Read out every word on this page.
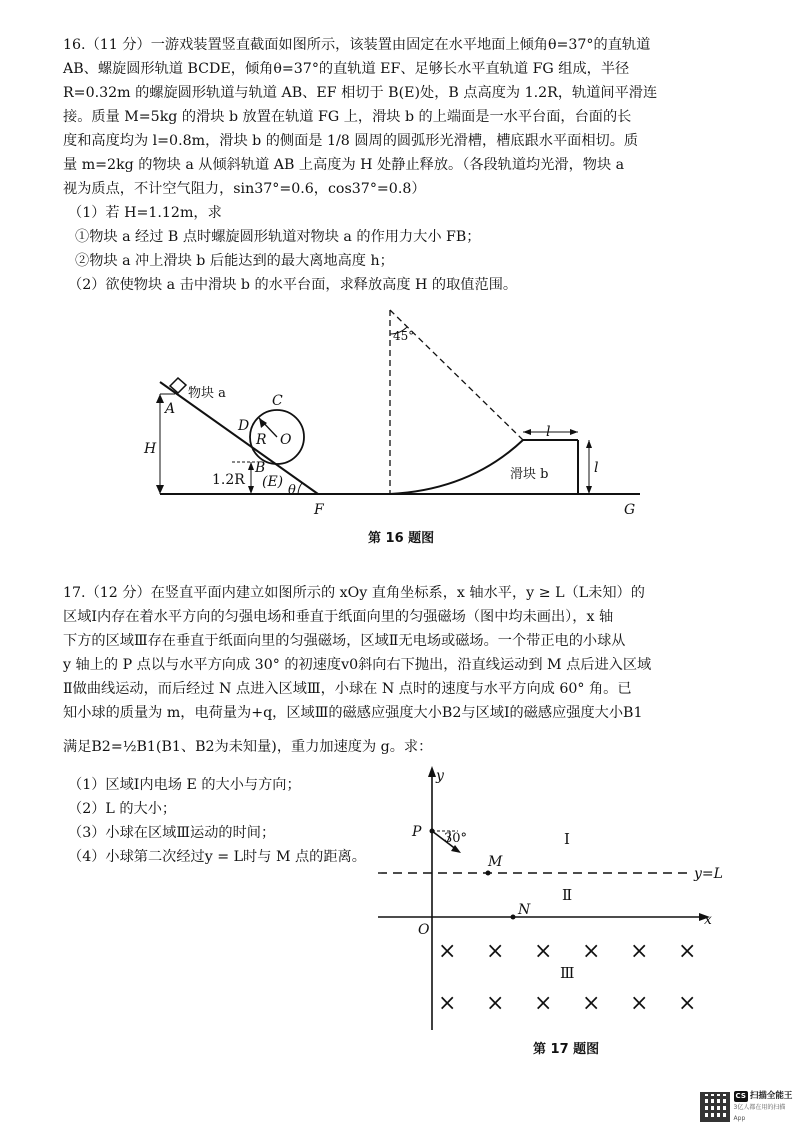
16.（11 分）一游戏装置竖直截面如图所示，该装置由固定在水平地面上倾角θ=37°的直轨道
AB、螺旋圆形轨道 BCDE，倾角θ=37°的直轨道 EF、足够长水平直轨道 FG 组成，半径
R=0.32m 的螺旋圆形轨道与轨道 AB、EF 相切于 B(E)处，B 点高度为 1.2R，轨道间平滑连
接。质量 M=5kg 的滑块 b 放置在轨道 FG 上，滑块 b 的上端面是一水平台面，台面的长
度和高度均为 l=0.8m，滑块 b 的侧面是 1/8 圆周的圆弧形光滑槽，槽底跟水平面相切。质
量 m=2kg 的物块 a 从倾斜轨道 AB 上高度为 H 处静止释放。（各段轨道均光滑，物块 a
视为质点，不计空气阻力，sin37°=0.6，cos37°=0.8）
（1）若 H=1.12m，求
①物块 a 经过 B 点时螺旋圆形轨道对物块 a 的作用力大小 FB；
②物块 a 冲上滑块 b 后能达到的最大离地高度 h；
（2）欲使物块 a 击中滑块 b 的水平台面，求释放高度 H 的取值范围。
物块 a
A	C
D
R O
B
(E)
H
1.2R
θ
F	G
45°
l
l
滑块 b
第 16 题图
17.（12 分）在竖直平面内建立如图所示的 xOy 直角坐标系，x 轴水平，y ≥ L（L未知）的
区域Ⅰ内存在着水平方向的匀强电场和垂直于纸面向里的匀强磁场（图中均未画出），x 轴
下方的区域Ⅲ存在垂直于纸面向里的匀强磁场，区域Ⅱ无电场或磁场。一个带正电的小球从
y 轴上的 P 点以与水平方向成 30° 的初速度v0斜向右下抛出，沿直线运动到 M 点后进入区域
Ⅱ做曲线运动，而后经过 N 点进入区域Ⅲ，小球在 N 点时的速度与水平方向成 60° 角。已
知小球的质量为 m，电荷量为+q，区域Ⅲ的磁感应强度大小B2与区域Ⅰ的磁感应强度大小B1
满足B2=½B1(B1、B2为未知量)，重力加速度为 g。求：
（1）区域Ⅰ内电场 E 的大小与方向；
（2）L 的大小；
（3）小球在区域Ⅲ运动的时间；
（4）小球第二次经过y = L时与 M 点的距离。
y
x
O
P 30°
M
N
Ⅰ
Ⅱ
Ⅲ
y=L
× × × × × ×
× × × × × ×
第 17 题图
CS 扫描全能王
3亿人都在用的扫描App
